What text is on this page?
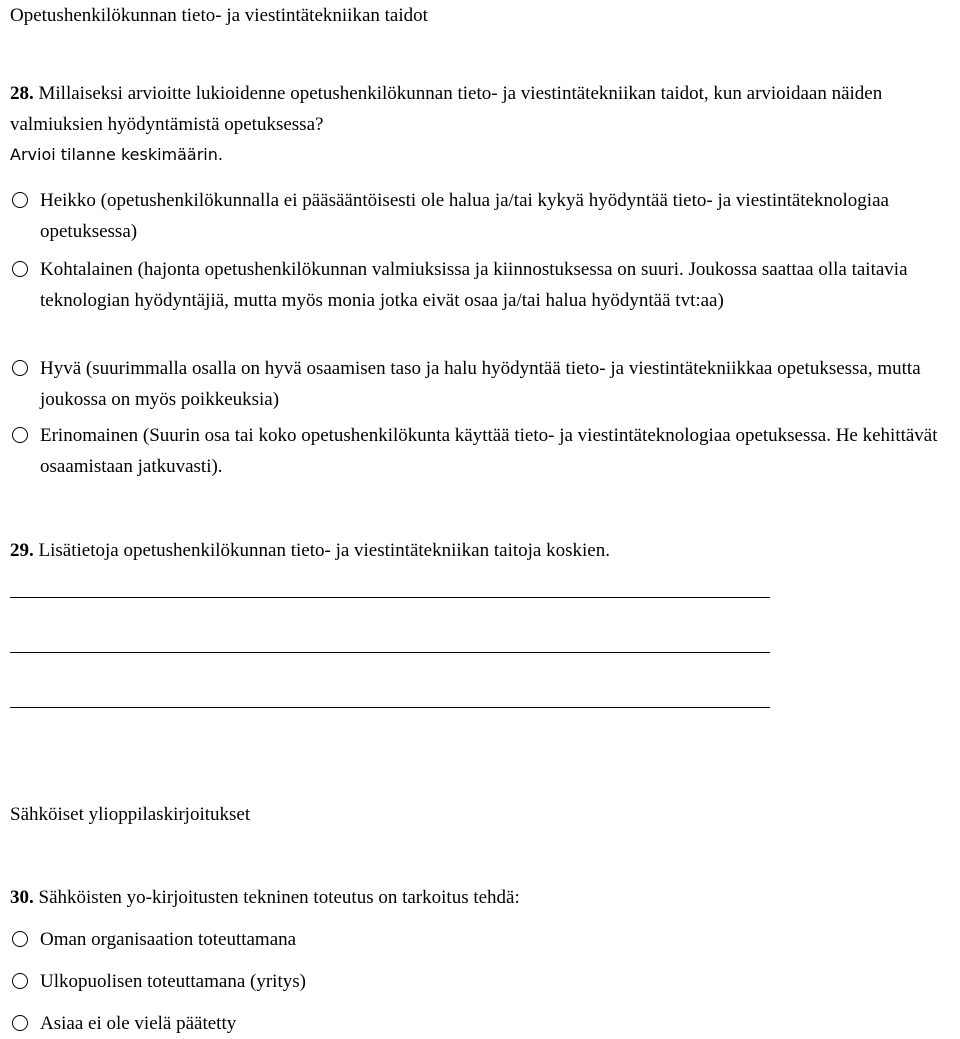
Opetushenkilökunnan tieto- ja viestintätekniikan taidot
28. Millaiseksi arvioitte lukioidenne opetushenkilökunnan tieto- ja viestintätekniikan taidot, kun arvioidaan näiden valmiuksien hyödyntämistä opetuksessa?
Arvioi tilanne keskimäärin.
Heikko (opetushenkilökunnalla ei pääsääntöisesti ole halua ja/tai kykyä hyödyntää tieto- ja viestintäteknologiaa opetuksessa)
Kohtalainen (hajonta opetushenkilökunnan valmiuksissa ja kiinnostuksessa on suuri. Joukossa saattaa olla taitavia teknologian hyödyntäjiä, mutta myös monia jotka eivät osaa ja/tai halua hyödyntää tvt:aa)
Hyvä (suurimmalla osalla on hyvä osaamisen taso ja halu hyödyntää tieto- ja viestintätekniikkaa opetuksessa, mutta joukossa on myös poikkeuksia)
Erinomainen (Suurin osa tai koko opetushenkilökunta käyttää tieto- ja viestintäteknologiaa opetuksessa. He kehittävät osaamistaan jatkuvasti).
29. Lisätietoja opetushenkilökunnan tieto- ja viestintätekniikan taitoja koskien.
Sähköiset ylioppilaskirjoitukset
30. Sähköisten yo-kirjoitusten tekninen toteutus on tarkoitus tehdä:
Oman organisaation toteuttamana
Ulkopuolisen toteuttamana (yritys)
Asiaa ei ole vielä päätetty
